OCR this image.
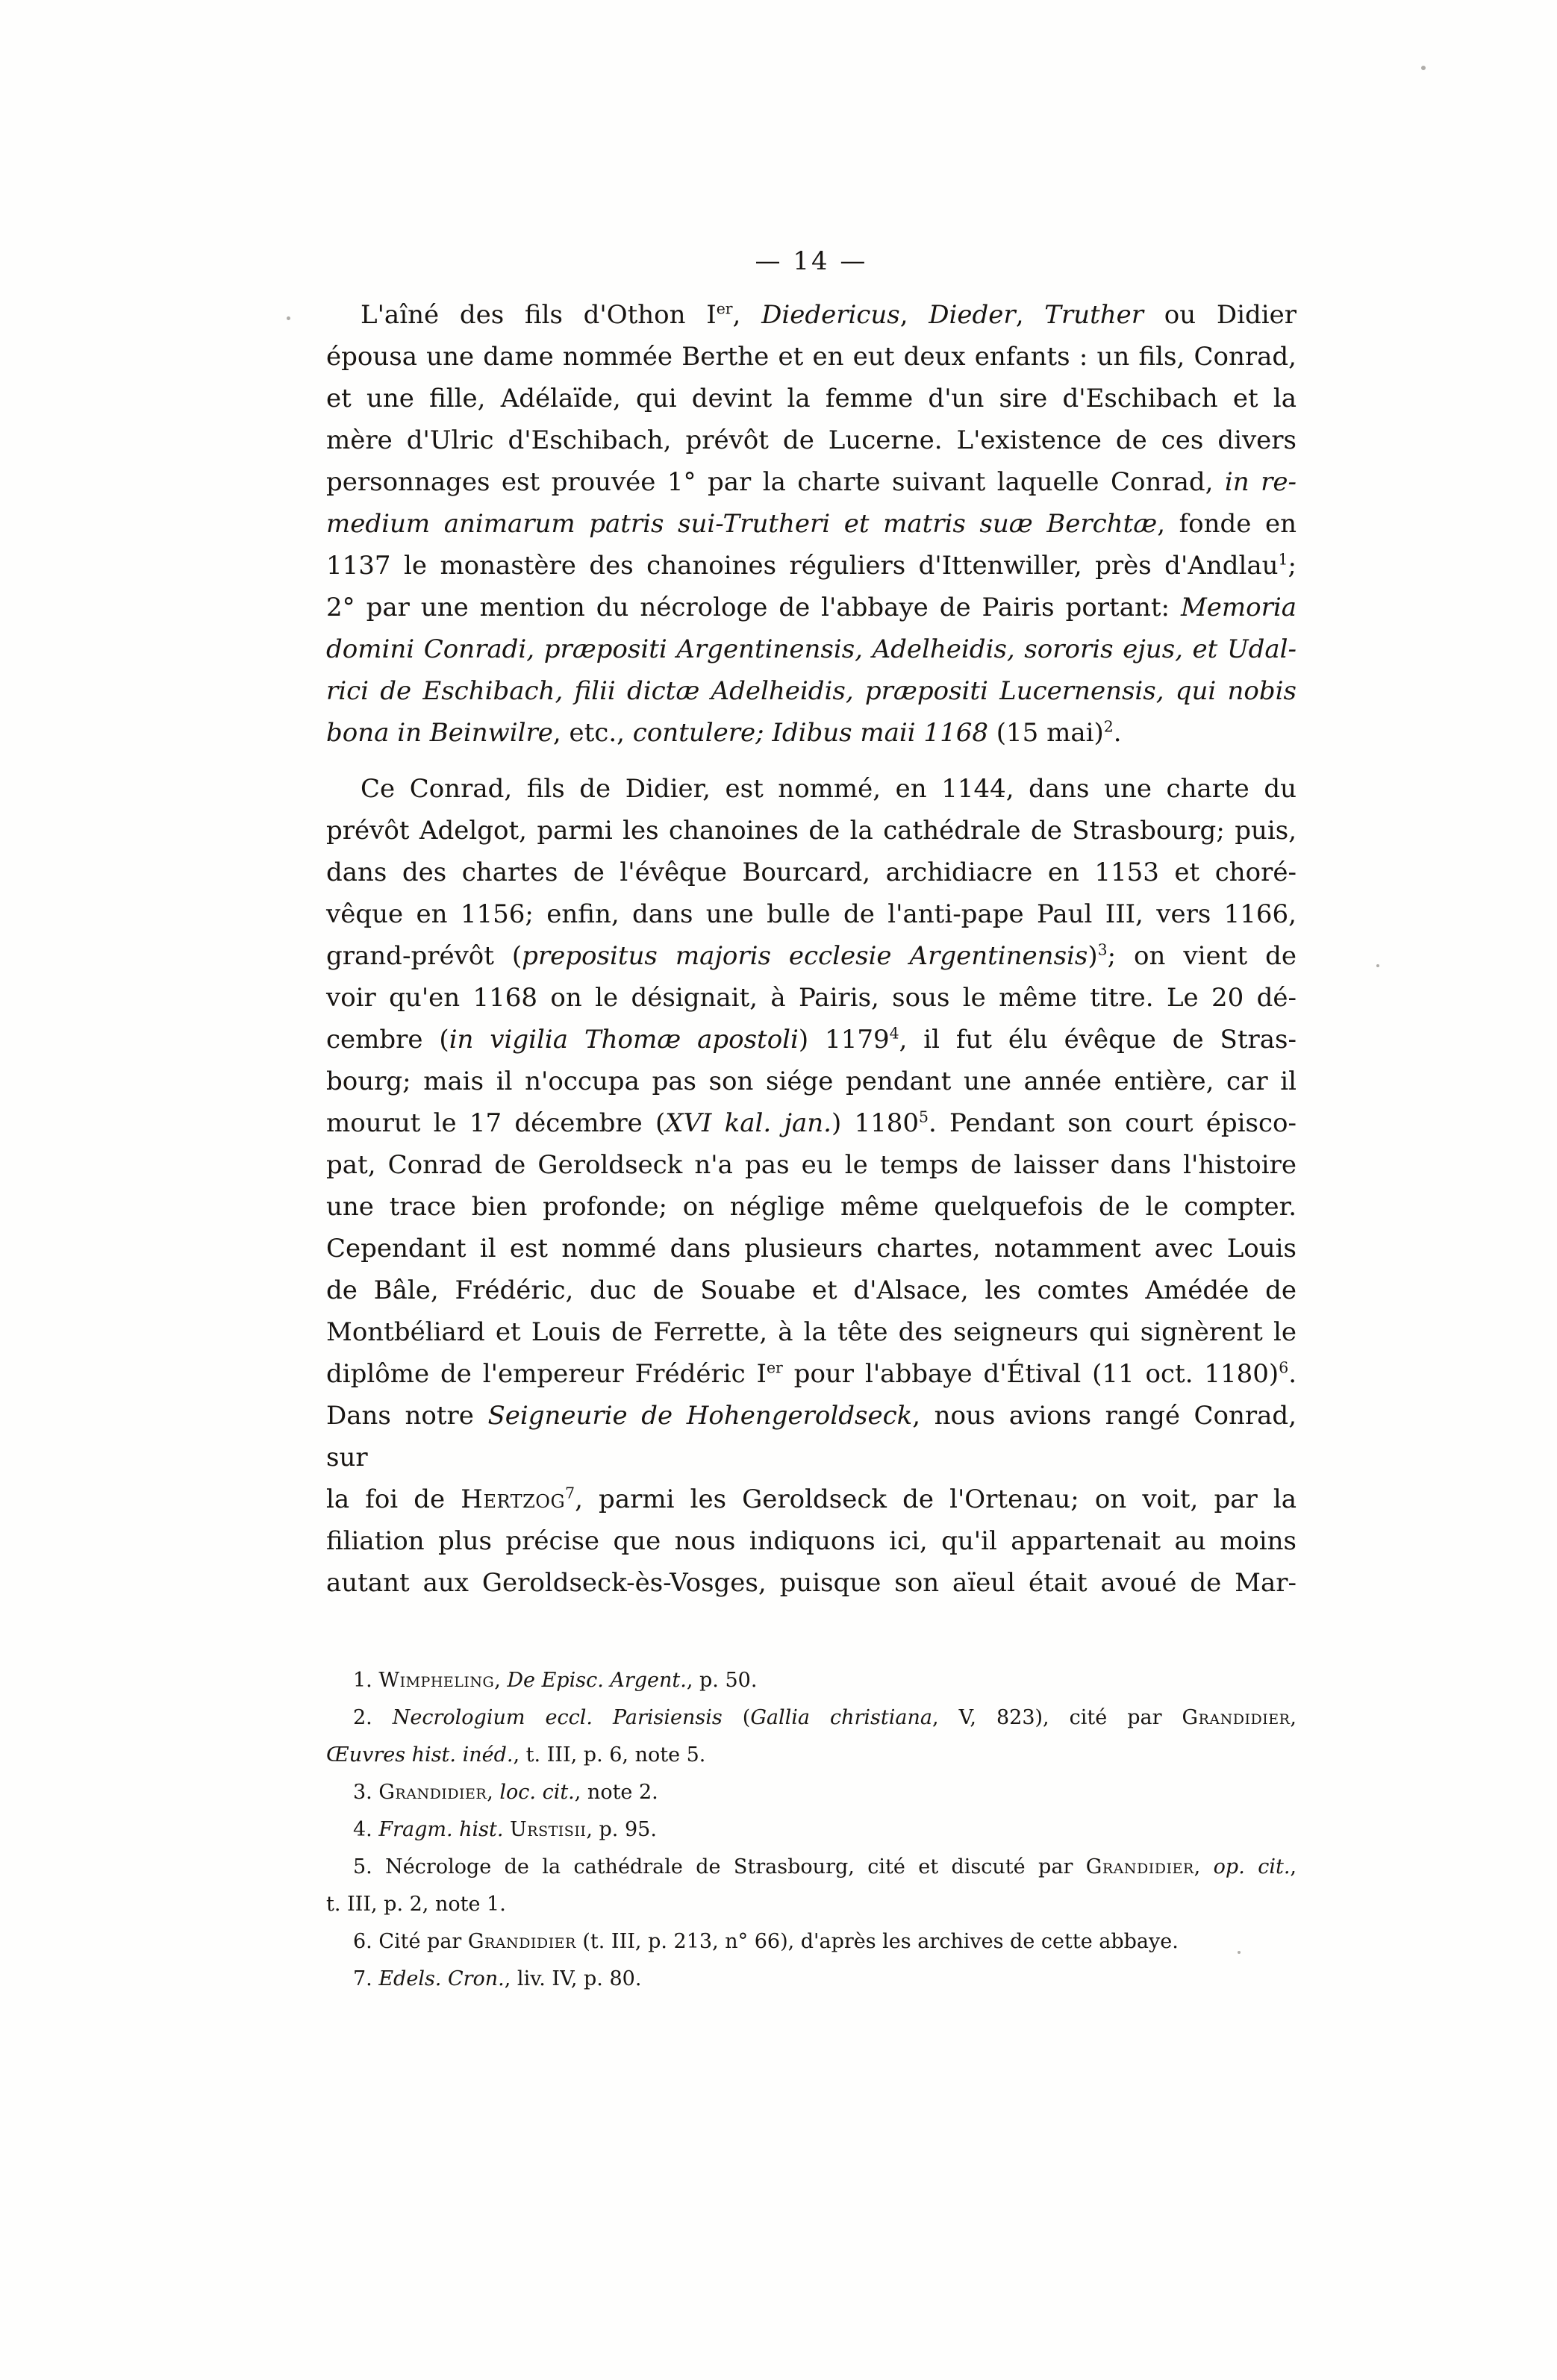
— 14 —
L'aîné des fils d'Othon Ier, Diedericus, Dieder, Truther ou Didier
épousa une dame nommée Berthe et en eut deux enfants : un fils, Conrad,
et une fille, Adélaïde, qui devint la femme d'un sire d'Eschibach et la
mère d'Ulric d'Eschibach, prévôt de Lucerne. L'existence de ces divers
personnages est prouvée 1° par la charte suivant laquelle Conrad, in re-
medium animarum patris sui-Trutheri et matris suæ Berchtæ, fonde en
1137 le monastère des chanoines réguliers d'Ittenwiller, près d'Andlau$^1$;
2° par une mention du nécrologe de l'abbaye de Pairis portant: Memoria
domini Conradi, præpositi Argentinensis, Adelheidis, sororis ejus, et Udal-
rici de Eschibach, filii dictæ Adelheidis, præpositi Lucernensis, qui nobis
bona in Beinwilre, etc., contulere; Idibus maii 1168 (15 mai)$^2$.
Ce Conrad, fils de Didier, est nommé, en 1144, dans une charte du
prévôt Adelgot, parmi les chanoines de la cathédrale de Strasbourg; puis,
dans des chartes de l'évêque Bourcard, archidiacre en 1153 et choré-
vêque en 1156; enfin, dans une bulle de l'anti-pape Paul III, vers 1166,
grand-prévôt (prepositus majoris ecclesie Argentinensis)$^3$; on vient de
voir qu'en 1168 on le désignait, à Pairis, sous le même titre. Le 20 dé-
cembre (in vigilia Thomæ apostoli) 1179$^4$, il fut élu évêque de Stras-
bourg; mais il n'occupa pas son siége pendant une année entière, car il
mourut le 17 décembre (XVI kal. jan.) 1180$^5$. Pendant son court épisco-
pat, Conrad de Geroldseck n'a pas eu le temps de laisser dans l'histoire
une trace bien profonde; on néglige même quelquefois de le compter.
Cependant il est nommé dans plusieurs chartes, notamment avec Louis
de Bâle, Frédéric, duc de Souabe et d'Alsace, les comtes Amédée de
Montbéliard et Louis de Ferrette, à la tête des seigneurs qui signèrent le
diplôme de l'empereur Frédéric Ier pour l'abbaye d'Étival (11 oct. 1180)$^6$.
Dans notre Seigneurie de Hohengeroldseck, nous avions rangé Conrad, sur
la foi de Hertzog$^7$, parmi les Geroldseck de l'Ortenau; on voit, par la
filiation plus précise que nous indiquons ici, qu'il appartenait au moins
autant aux Geroldseck-ès-Vosges, puisque son aïeul était avoué de Mar-
1. Wimpheling, De Episc. Argent., p. 50.
2. Necrologium eccl. Parisiensis (Gallia christiana, V, 823), cité par Grandidier,
Œuvres hist. inéd., t. III, p. 6, note 5.
3. Grandidier, loc. cit., note 2.
4. Fragm. hist. Urstisii, p. 95.
5. Nécrologe de la cathédrale de Strasbourg, cité et discuté par Grandidier, op. cit.,
t. III, p. 2, note 1.
6. Cité par Grandidier (t. III, p. 213, n° 66), d'après les archives de cette abbaye.
7. Edels. Cron., liv. IV, p. 80.
